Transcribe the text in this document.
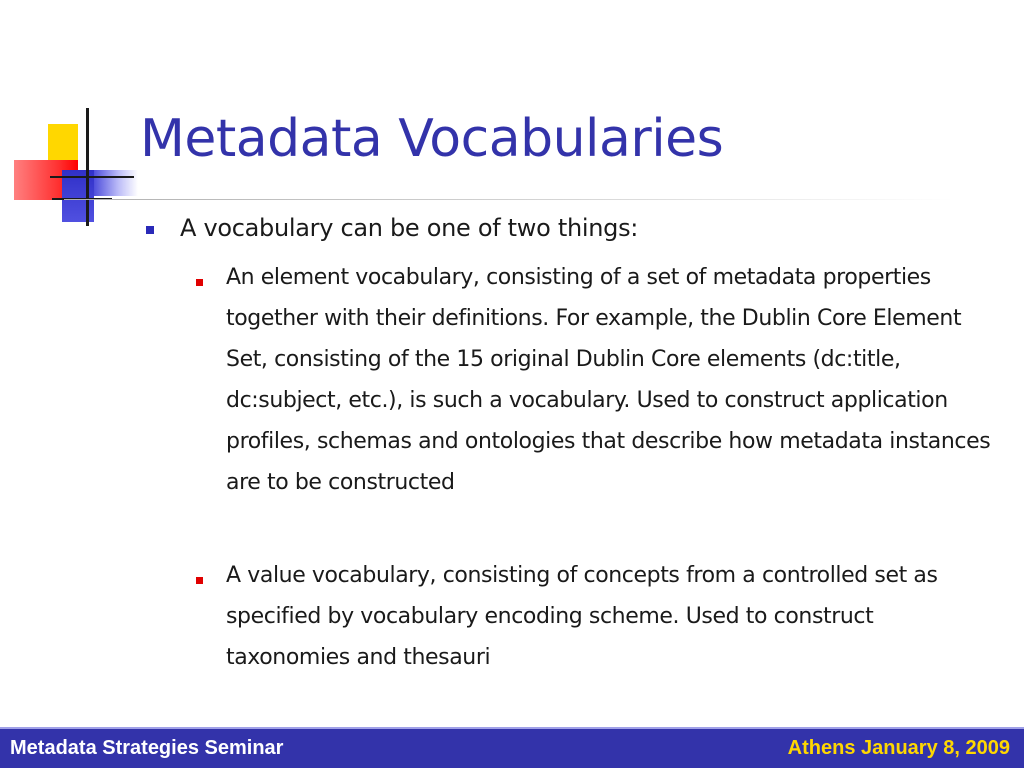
Metadata Vocabularies
A vocabulary can be one of two things:
An element vocabulary, consisting of a set of metadata properties together with their definitions. For example, the Dublin Core Element Set, consisting of the 15 original Dublin Core elements (dc:title, dc:subject, etc.), is such a vocabulary. Used to construct application profiles, schemas and ontologies that describe how metadata instances are to be constructed
A value vocabulary, consisting of concepts from a controlled set as specified by vocabulary encoding scheme. Used to construct taxonomies and thesauri
Metadata Strategies Seminar	Athens January 8, 2009
